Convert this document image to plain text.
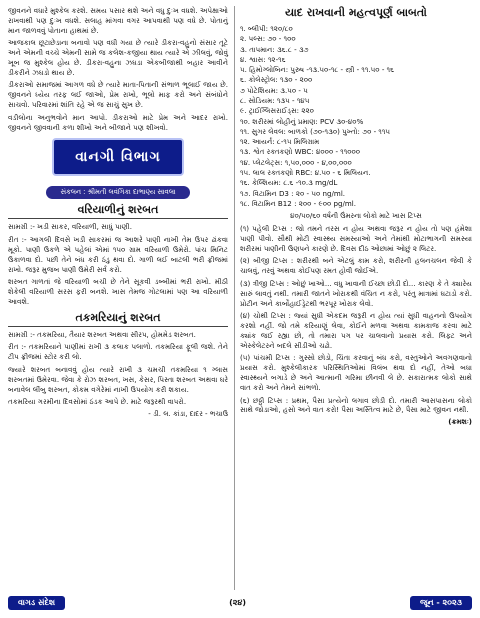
જીવનને વધારે મુશ્કેલ કરશે. સમય પસાર થશે અને વધુ દુઃખ વધશે. અપેક્ષાઓ રાખવાથી પણ દુઃખ વધશે. સલાહ માંગવા વગર આપવાથી પણ વધે છે. પોતાનું માન જાળવવું પોતાના હાથમાં છે.

આજકાલ છૂટાછેડાના બનાવો પણ વધી ગયા છે ત્યારે ડીકરા-વહુનો સંસાર તૂટે અને એમની વચ્ચે એમની સામે જ કલેશ-કજીયા થાય ત્યારે એ ઝીલવું, જોવું ખૂબ જ મુશ્કેલ હોય છે. ડીકરા-વહુના ઝઘડા એકબીજાથી બહાર આવીને ડીકરીને ઝઘડો થાય છે.

ડીકરાઓ સમાજમાં આગળ વધે છે ત્યારે માતા-પિતાની સંભાળ ભૂલાઈ જાય છે. જીવનને ધ્યેય તરફ લઈ જાઓ, પ્રેમ રાખો, ભૂલો માફ કરો અને સંબંધોને સાચવો. પરિવારમાં શાંતિ રહે એ જ સાચું સુખ છે.

વડીલોના અનુભવોને માન આપો. ડીકરાઓ માટે પ્રેમ અને આદર રાખો. જીવનને જીવવાની કળા શીખો અને બીજાને પણ શીખવો.

વાનગી વિભાગ
સંકલન : શ્રીમતી લવંગિકા દાભાણ્ય સાવલા
વરિયાળીનું શરબત

સામગ્રી :- ખડી સાકર, વરિયાળી, સાધું પાણી.

રીત :- આગલી દિવસે ખડી સાકરમાં જ આશરે પાણી નાખી તેમ ઉપર ઢાંકવા મૂકો. પાણી ઉકળે એ પહેલાં એમાં ૧૫૦ ગ્રામ વરિયાળી ઉમેરો. પાંચ મિનિટ ઉકાળવા દો. પછી તેને બંધ કરી ઠંડુ થવા દો. ગાળી લઈ બાટલી ભરી ફ્રીજમાં રાખો. જરૂર મુજબ પાણી ઉમેરી સર્વ કરો.

શરબત ગાળતાં જે વરિયાળી બચી છે તેને સૂકવી ડબ્બીમાં ભરી રાખો. મીઠી શેકેલી વરિયાળી સરસ ફરી બનશે. ખાસ તેમજ ગોટલામાં પણ આ વરિયાળી આવશે.

તકમરિયાનું શરબત

સામગ્રી :- તકમરિયા, તૈયાર શરબત અથવા સીરપ, હોમમેડ શરબત.

રીત :- તકમરિયાને પાણીમાં રાખી ૩ કલાક પલાળો. તકમરિયા ફૂલી જશે. તેને ટીપ ફ્રીજમાં સ્ટોર કરી લો.

જ્યારે શરબત બનાવવું હોય ત્યારે રાખી ૩ ચમચી તકમરિયા ૧ ગ્લાસ શરબતમાં ઉમેરવા. જેવા કે રોઝ શરબત, ખસ, કેસર, પિસ્તા શરબત અથવા ઘરે બનાવેલ લીંબુ શરબત, કોકમ વગેરેમાં નાખી ઉપયોગ કરી શકાય.

તકમરિયા ગરમીના દિવસોમાં ઠંડક આપે છે. માટે જરૂરથી વાપરો.

- ડી. લ. કાંડા, દાદર - ભચાઉ
યાદ રાખવાની મહત્વપૂર્ણ બાબતો
૧. બ્લીપી: ૧૨૦/૮૦
૨. પલ્સ: ૭૦ - ૧૦૦
૩. તાપમાન: ૩૬.૮ - ૩૭
૪. શ્વાસ: ૧૨-૧૬
૫. હિમોગ્લોબિન: પુરુષ -૧૩.૫૦-૧૮ - સ્ત્રી - ૧૧.૫૦ - ૧૬
૬. કોલેસ્ટ્રોલ: ૧૩૦ - ૨૦૦
૭ પોટેશિયમ: ૩.૫૦ - ૫
૮. સોડિયમ: ૧૩૫ - ૧૪૫
૯. ટ્રાઈગ્લિસરાઈડ્સ: ૨૨૦
૧૦. શરીરમાં લોહીનું પ્રમાણ: PCV ૩૦-૪૦%
૧૧. સુગર લેવલ: બાળકો (૭૦-૧૩૦) પુખ્તો: ૭૦ - ૧૧૫
૧૨. આયર્ન: ૮-૧૫ મિલિગ્રામ
૧૩. શ્વેત રક્તકણો WBC: ૪૦૦૦ - ૧૧૦૦૦
૧૪. પ્લેટલેટ્સ: ૧,૫૦,૦૦૦ - ૪,૦૦,૦૦૦
૧૫. લાલ રક્તકણો RBC: ૪.૫૦ - ૬ મિલિયન.
૧૬. કેલ્શિયમ: ૮.૬ -૧૦.૩ mg/dL
૧૭. વિટામિન D3 : ૨૦ - ૫૦ ng/ml.
૧૮. વિટામિન B12 : ૨૦૦ - ૯૦૦ pg/ml.
૪૦/૫૦/૬૦ વર્ષની ઉંમરના લોકો માટે ખાસ ટિપ્સ

(૧) પહેલી ટિપ્સ : જો તમને તરસ ન હોય અથવા જરૂર ન હોય તો પણ હંમેશા પાણી પીવો. સૌથી મોટી સ્વાસ્થ્ય સમસ્યાઓ અને તેમાંથી મોટાભાગની સમસ્યા શરીરમાં પાણીની ઉણપને કારણે છે. દિવસ દીઠ ઓછામાં ઓછું ૨ લિટર.

(૨) બીજી ટિપ્સ : શરીરથી બને એટલું કામ કરો, શરીરની હલનચલન જેવી કે ચાલવું, તરવું અથવા કોઈપણ રમત હોવી જોઈએ.

(૩) ત્રીજી ટિપ્સ : ઓછું ખાઓ... વધુ ખાવાની ઈચ્છા છોડી દો... કારણ કે તે ક્યારેય સારું લાવતું નથી. તમારી જાતને ખોરાકથી વંચિત ન કરો, પરંતુ માત્રામાં ઘટાડો કરો. પ્રોટીન અને કાર્બોહાઈડ્રેટથી ભરપૂર ખોરાક લેવો.

(૪) ચોથી ટિપ્સ : જ્યાં સુધી એકદમ જરૂરી ન હોય ત્યાં સુધી વાહનનો ઉપયોગ કરશો નહીં. જો તમે કરિયાણું લેવા, કોઈને મળવા અથવા કામકાજ કરવા માટે ક્યાંક જઈ રહ્યા છો, તો તમારા પગ પર ચાલવાનો પ્રયાસ કરો. લિફ્ટ અને એસ્કેલેટરને બદલે સીડીઓ ચઢો.

(૫) પાંચમી ટિપ્સ : ગુસ્સો છોડો, ચિંતા કરવાનું બંધ કરો, વસ્તુઓને અવગણવાનો પ્રયાસ કરો. મુશ્કેલીકારક પરિસ્થિતિઓમાં વિલંબ થવા દો નહીં, તેઓ બધા સ્વાસ્થ્યને બગાડે છે અને આત્માની ગરિમા છીનવી લે છે. સકારાત્મક લોકો સાથે વાત કરો અને તેમને સાંભળો.

(૬) છઠ્ઠી ટિપ્સ : પ્રથમ, પૈસા પ્રત્યેનો લગાવ છોડી દો. તમારી આસપાસના લોકો સાથે જોડાઓ, હસો અને વાત કરો! પૈસા અસ્તિત્વ માટે છે, પૈસા માટે જીવન નથી.

(ક્રમશઃ)
વાગડ સંદેશ	(૨૪)	જૂન - ૨૦૨૩
